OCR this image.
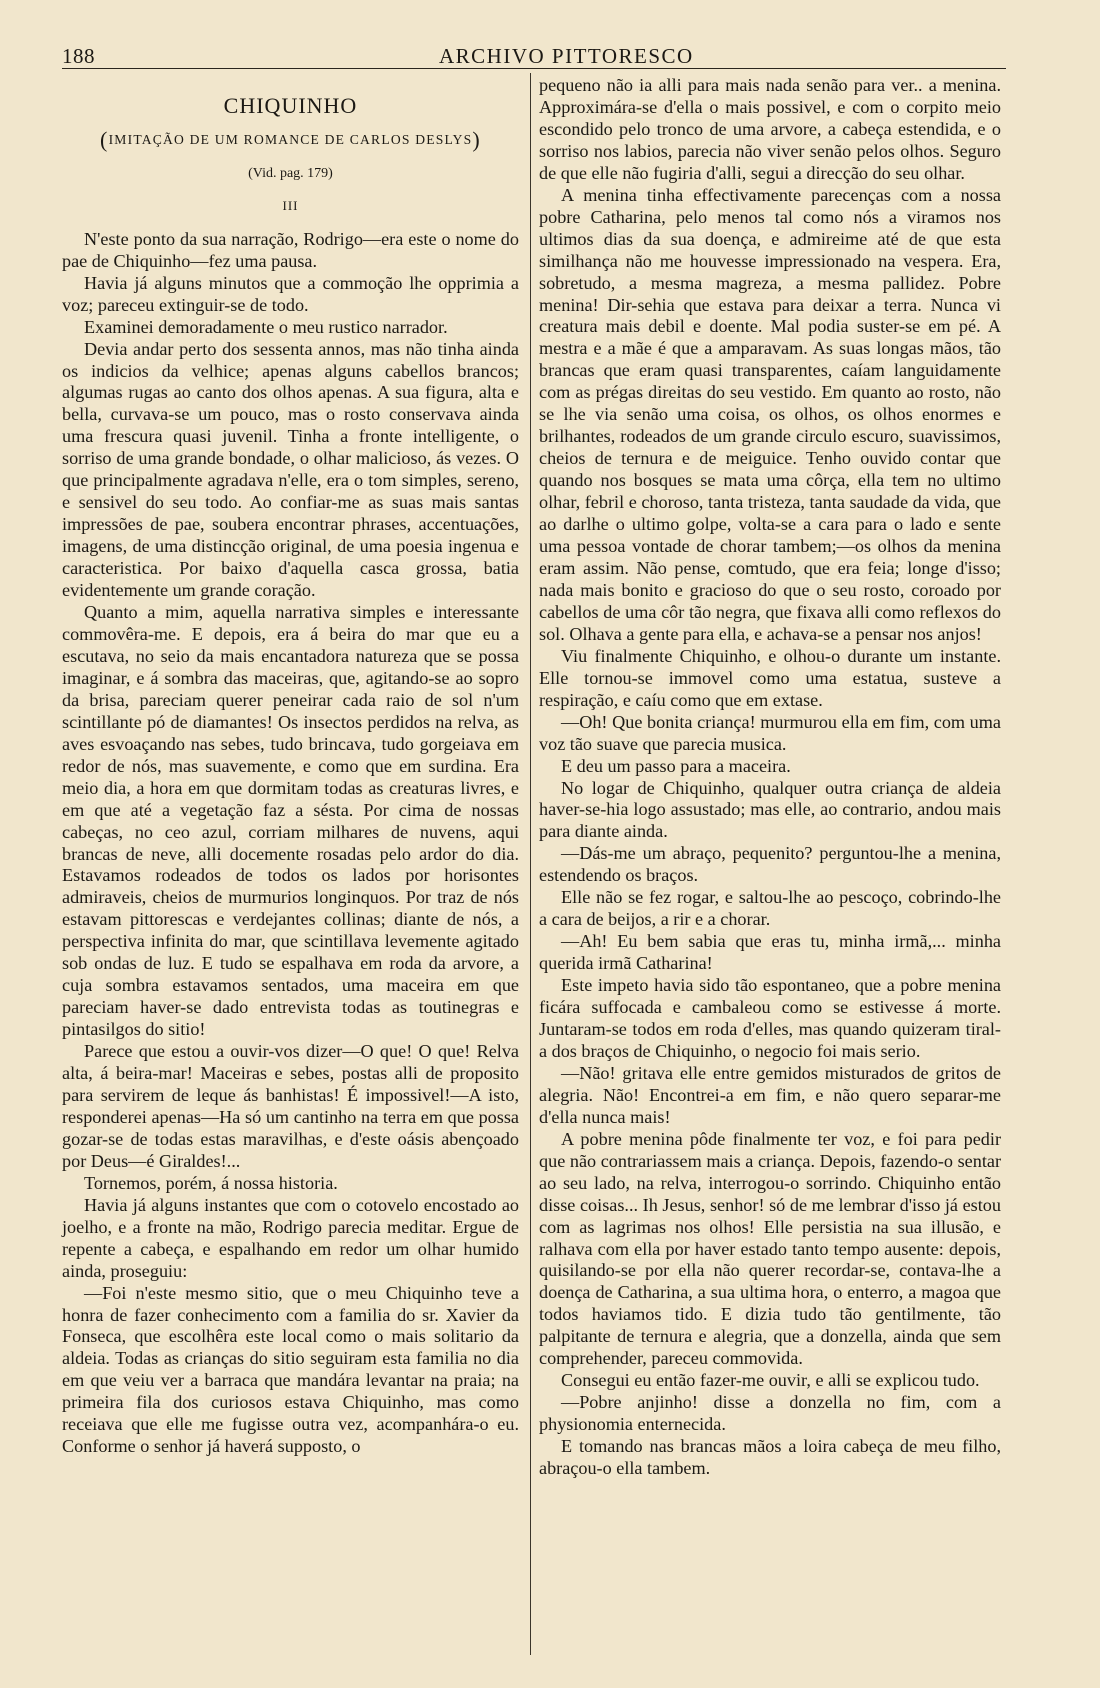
188	ARCHIVO PITTORESCO
CHIQUINHO
(IMITAÇÃO DE UM ROMANCE DE CARLOS DESLYS)
(Vid. pag. 179)
III

N'este ponto da sua narração, Rodrigo—era este o nome do pae de Chiquinho—fez uma pausa.

Havia já alguns minutos que a commoção lhe opprimia a voz; pareceu extinguir-se de todo.

Examinei demoradamente o meu rustico narrador.

Devia andar perto dos sessenta annos, mas não tinha ainda os indicios da velhice; apenas alguns cabellos brancos; algumas rugas ao canto dos olhos apenas. A sua figura, alta e bella, curvava-se um pouco, mas o rosto conservava ainda uma frescura quasi juvenil. Tinha a fronte intelligente, o sorriso de uma grande bondade, o olhar malicioso, ás vezes. O que principalmente agradava n'elle, era o tom simples, sereno, e sensivel do seu todo. Ao confiar-me as suas mais santas impressões de pae, soubera encontrar phrases, accentuações, imagens, de uma distincção original, de uma poesia ingenua e caracteristica. Por baixo d'aquella casca grossa, batia evidentemente um grande coração.

Quanto a mim, aquella narrativa simples e interessante commovêra-me. E depois, era á beira do mar que eu a escutava, no seio da mais encantadora natureza que se possa imaginar, e á sombra das maceiras, que, agitando-se ao sopro da brisa, pareciam querer peneirar cada raio de sol n'um scintillante pó de diamantes! Os insectos perdidos na relva, as aves esvoaçando nas sebes, tudo brincava, tudo gorgeiava em redor de nós, mas suavemente, e como que em surdina. Era meio dia, a hora em que dormitam todas as creaturas livres, e em que até a vegetação faz a sésta. Por cima de nossas cabeças, no ceo azul, corriam milhares de nuvens, aqui brancas de neve, alli docemente rosadas pelo ardor do dia. Estavamos rodeados de todos os lados por horisontes admiraveis, cheios de murmurios longinquos. Por traz de nós estavam pittorescas e verdejantes collinas; diante de nós, a perspectiva infinita do mar, que scintillava levemente agitado sob ondas de luz. E tudo se espalhava em roda da arvore, a cuja sombra estavamos sentados, uma maceira em que pareciam haver-se dado entrevista todas as toutinegras e pintasilgos do sitio!

Parece que estou a ouvir-vos dizer—O que! O que! Relva alta, á beira-mar! Maceiras e sebes, postas alli de proposito para servirem de leque ás banhistas! É impossivel!—A isto, responderei apenas—Ha só um cantinho na terra em que possa gozar-se de todas estas maravilhas, e d'este oásis abençoado por Deus—é Giraldes!...

Tornemos, porém, á nossa historia.

Havia já alguns instantes que com o cotovelo encostado ao joelho, e a fronte na mão, Rodrigo parecia meditar. Ergue de repente a cabeça, e espalhando em redor um olhar humido ainda, proseguiu:

—Foi n'este mesmo sitio, que o meu Chiquinho teve a honra de fazer conhecimento com a familia do sr. Xavier da Fonseca, que escolhêra este local como o mais solitario da aldeia. Todas as crianças do sitio seguiram esta familia no dia em que veiu ver a barraca que mandára levantar na praia; na primeira fila dos curiosos estava Chiquinho, mas como receiava que elle me fugisse outra vez, acompanhára-o eu. Conforme o senhor já haverá supposto, o

pequeno não ia alli para mais nada senão para ver.. a menina. Approximára-se d'ella o mais possivel, e com o corpito meio escondido pelo tronco de uma arvore, a cabeça estendida, e o sorriso nos labios, parecia não viver senão pelos olhos. Seguro de que elle não fugiria d'alli, segui a direcção do seu olhar.

A menina tinha effectivamente parecenças com a nossa pobre Catharina, pelo menos tal como nós a viramos nos ultimos dias da sua doença, e admireime até de que esta similhança não me houvesse impressionado na vespera. Era, sobretudo, a mesma magreza, a mesma pallidez. Pobre menina! Dir-sehia que estava para deixar a terra. Nunca vi creatura mais debil e doente. Mal podia suster-se em pé. A mestra e a mãe é que a amparavam. As suas longas mãos, tão brancas que eram quasi transparentes, caíam languidamente com as prégas direitas do seu vestido. Em quanto ao rosto, não se lhe via senão uma coisa, os olhos, os olhos enormes e brilhantes, rodeados de um grande circulo escuro, suavissimos, cheios de ternura e de meiguice. Tenho ouvido contar que quando nos bosques se mata uma côrça, ella tem no ultimo olhar, febril e choroso, tanta tristeza, tanta saudade da vida, que ao darlhe o ultimo golpe, volta-se a cara para o lado e sente uma pessoa vontade de chorar tambem;—os olhos da menina eram assim. Não pense, comtudo, que era feia; longe d'isso; nada mais bonito e gracioso do que o seu rosto, coroado por cabellos de uma côr tão negra, que fixava alli como reflexos do sol. Olhava a gente para ella, e achava-se a pensar nos anjos!

Viu finalmente Chiquinho, e olhou-o durante um instante. Elle tornou-se immovel como uma estatua, susteve a respiração, e caíu como que em extase.

—Oh! Que bonita criança! murmurou ella em fim, com uma voz tão suave que parecia musica.

E deu um passo para a maceira.

No logar de Chiquinho, qualquer outra criança de aldeia haver-se-hia logo assustado; mas elle, ao contrario, andou mais para diante ainda.

—Dás-me um abraço, pequenito? perguntou-lhe a menina, estendendo os braços.

Elle não se fez rogar, e saltou-lhe ao pescoço, cobrindo-lhe a cara de beijos, a rir e a chorar.

—Ah! Eu bem sabia que eras tu, minha irmã,... minha querida irmã Catharina!

Este impeto havia sido tão espontaneo, que a pobre menina ficára suffocada e cambaleou como se estivesse á morte. Juntaram-se todos em roda d'elles, mas quando quizeram tiral-a dos braços de Chiquinho, o negocio foi mais serio.

—Não! gritava elle entre gemidos misturados de gritos de alegria. Não! Encontrei-a em fim, e não quero separar-me d'ella nunca mais!

A pobre menina pôde finalmente ter voz, e foi para pedir que não contrariassem mais a criança. Depois, fazendo-o sentar ao seu lado, na relva, interrogou-o sorrindo. Chiquinho então disse coisas... Ih Jesus, senhor! só de me lembrar d'isso já estou com as lagrimas nos olhos! Elle persistia na sua illusão, e ralhava com ella por haver estado tanto tempo ausente: depois, quisilando-se por ella não querer recordar-se, contava-lhe a doença de Catharina, a sua ultima hora, o enterro, a magoa que todos haviamos tido. E dizia tudo tão gentilmente, tão palpitante de ternura e alegria, que a donzella, ainda que sem comprehender, pareceu commovida.

Consegui eu então fazer-me ouvir, e alli se explicou tudo.

—Pobre anjinho! disse a donzella no fim, com a physionomia enternecida.

E tomando nas brancas mãos a loira cabeça de meu filho, abraçou-o ella tambem.
